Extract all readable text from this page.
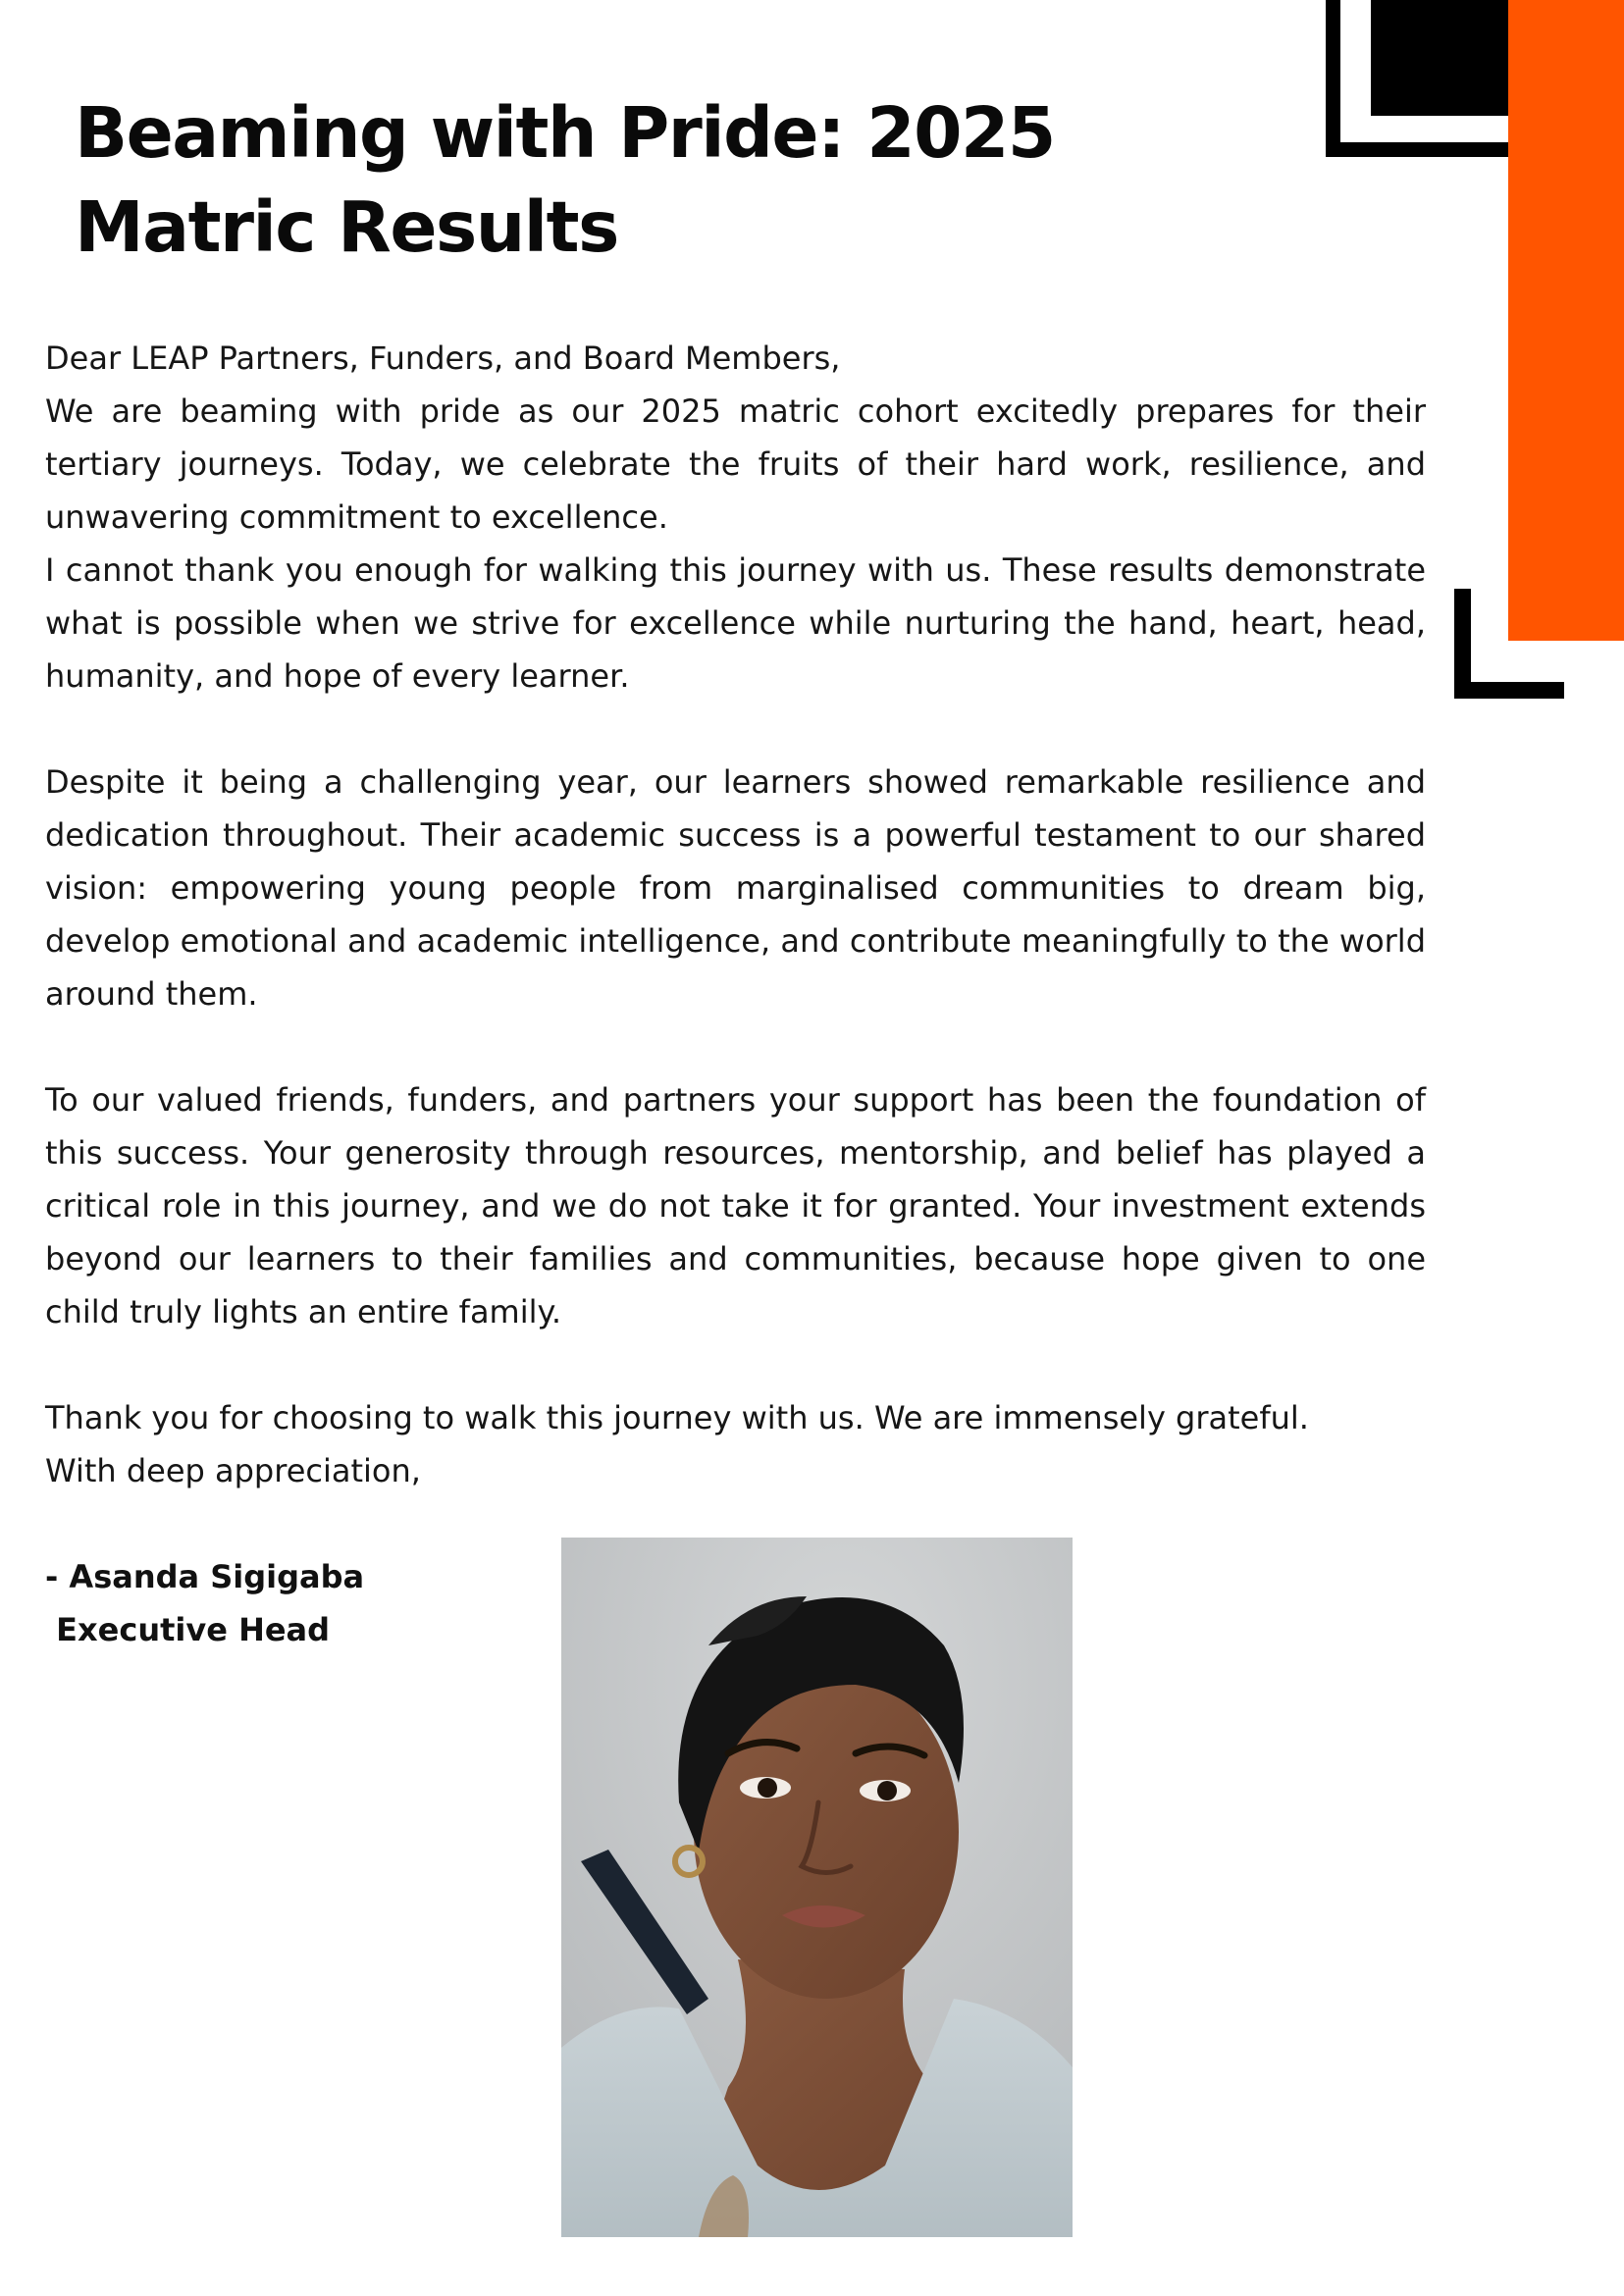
Beaming with Pride: 2025
Matric Results

Dear LEAP Partners, Funders, and Board Members,

We are beaming with pride as our 2025 matric cohort excitedly prepares for their tertiary journeys. Today, we celebrate the fruits of their hard work, resilience, and unwavering commitment to excellence.

I cannot thank you enough for walking this journey with us. These results demonstrate what is possible when we strive for excellence while nurturing the hand, heart, head, humanity, and hope of every learner.

Despite it being a challenging year, our learners showed remarkable resilience and dedication throughout. Their academic success is a powerful testament to our shared vision: empowering young people from marginalised communities to dream big, develop emotional and academic intelligence, and contribute meaningfully to the world around them.

To our valued friends, funders, and partners your support has been the foundation of this success. Your generosity through resources, mentorship, and belief has played a critical role in this journey, and we do not take it for granted. Your investment extends beyond our learners to their families and communities, because hope given to one child truly lights an entire family.

Thank you for choosing to walk this journey with us. We are immensely grateful.

With deep appreciation,

- Asanda Sigigaba
Executive Head
